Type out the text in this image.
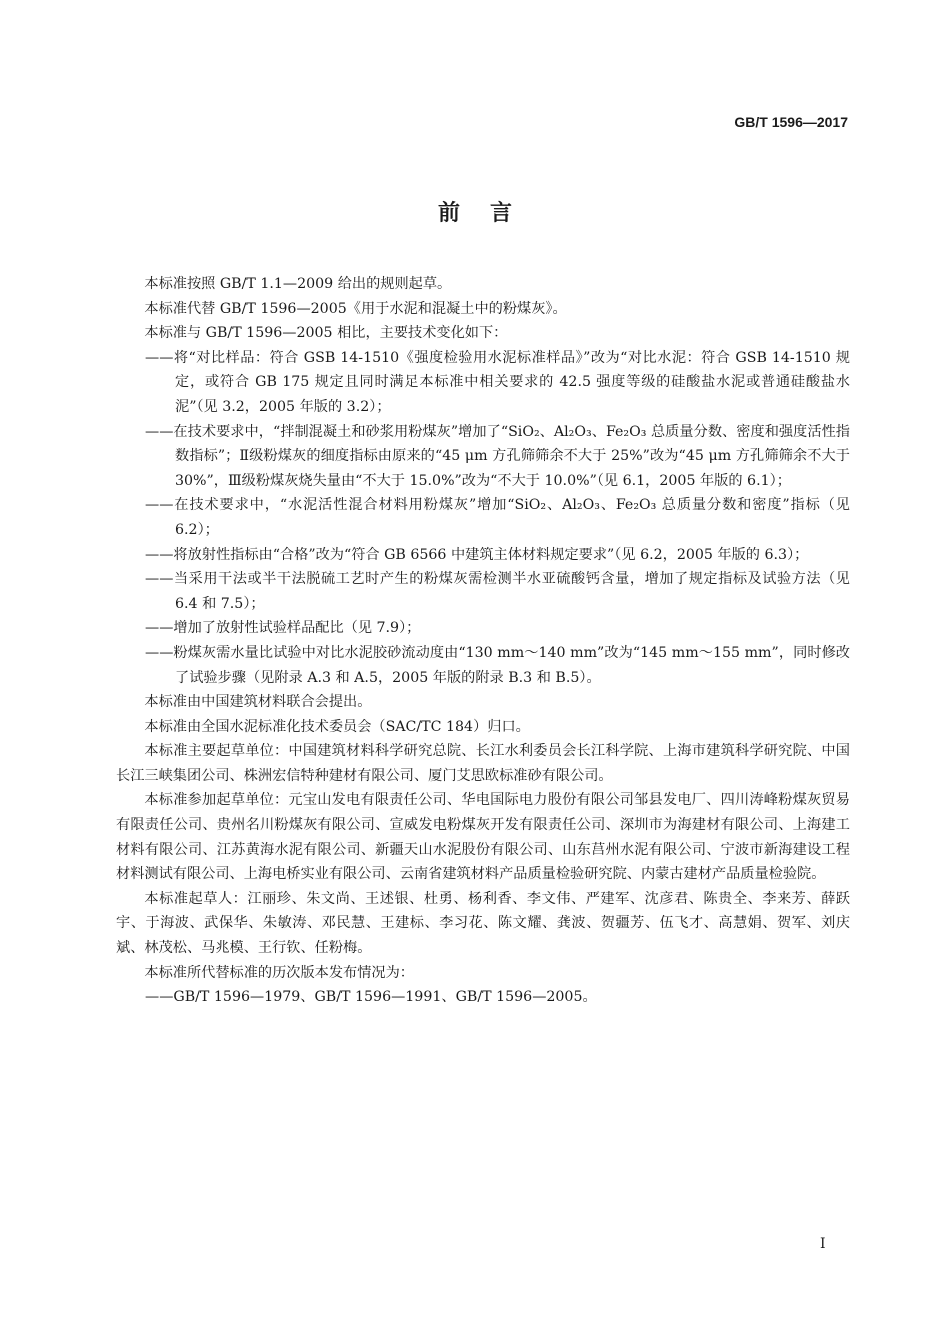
GB/T 1596—2017
前言

本标准按照 GB/T 1.1—2009 给出的规则起草。

本标准代替 GB/T 1596—2005《用于水泥和混凝土中的粉煤灰》。

本标准与 GB/T 1596—2005 相比，主要技术变化如下：

——将“对比样品：符合 GSB 14-1510《强度检验用水泥标准样品》”改为“对比水泥：符合 GSB 14-1510 规定，或符合 GB 175 规定且同时满足本标准中相关要求的 42.5 强度等级的硅酸盐水泥或普通硅酸盐水泥”（见 3.2，2005 年版的 3.2）；

——在技术要求中，“拌制混凝土和砂浆用粉煤灰”增加了“SiO₂、Al₂O₃、Fe₂O₃ 总质量分数、密度和强度活性指数指标”；Ⅱ级粉煤灰的细度指标由原来的“45 μm 方孔筛筛余不大于 25%”改为“45 μm 方孔筛筛余不大于 30%”，Ⅲ级粉煤灰烧失量由“不大于 15.0%”改为“不大于 10.0%”（见 6.1，2005 年版的 6.1）；

——在技术要求中，“水泥活性混合材料用粉煤灰”增加“SiO₂、Al₂O₃、Fe₂O₃ 总质量分数和密度”指标（见 6.2）；

——将放射性指标由“合格”改为“符合 GB 6566 中建筑主体材料规定要求”（见 6.2，2005 年版的 6.3）；

——当采用干法或半干法脱硫工艺时产生的粉煤灰需检测半水亚硫酸钙含量，增加了规定指标及试验方法（见 6.4 和 7.5）；

——增加了放射性试验样品配比（见 7.9）；

——粉煤灰需水量比试验中对比水泥胶砂流动度由“130 mm～140 mm”改为“145 mm～155 mm”，同时修改了试验步骤（见附录 A.3 和 A.5，2005 年版的附录 B.3 和 B.5）。

本标准由中国建筑材料联合会提出。

本标准由全国水泥标准化技术委员会（SAC/TC 184）归口。

本标准主要起草单位：中国建筑材料科学研究总院、长江水利委员会长江科学院、上海市建筑科学研究院、中国长江三峡集团公司、株洲宏信特种建材有限公司、厦门艾思欧标准砂有限公司。

本标准参加起草单位：元宝山发电有限责任公司、华电国际电力股份有限公司邹县发电厂、四川涛峰粉煤灰贸易有限责任公司、贵州名川粉煤灰有限公司、宣威发电粉煤灰开发有限责任公司、深圳市为海建材有限公司、上海建工材料有限公司、江苏黄海水泥有限公司、新疆天山水泥股份有限公司、山东莒州水泥有限公司、宁波市新海建设工程材料测试有限公司、上海电桥实业有限公司、云南省建筑材料产品质量检验研究院、内蒙古建材产品质量检验院。

本标准起草人：江丽珍、朱文尚、王述银、杜勇、杨利香、李文伟、严建军、沈彦君、陈贵全、李来芳、薛跃宇、于海波、武保华、朱敏涛、邓民慧、王建标、李习花、陈文耀、龚波、贺疆芳、伍飞才、高慧娟、贺军、刘庆斌、林茂松、马兆模、王行钦、任粉梅。

本标准所代替标准的历次版本发布情况为：

——GB/T 1596—1979、GB/T 1596—1991、GB/T 1596—2005。

I
